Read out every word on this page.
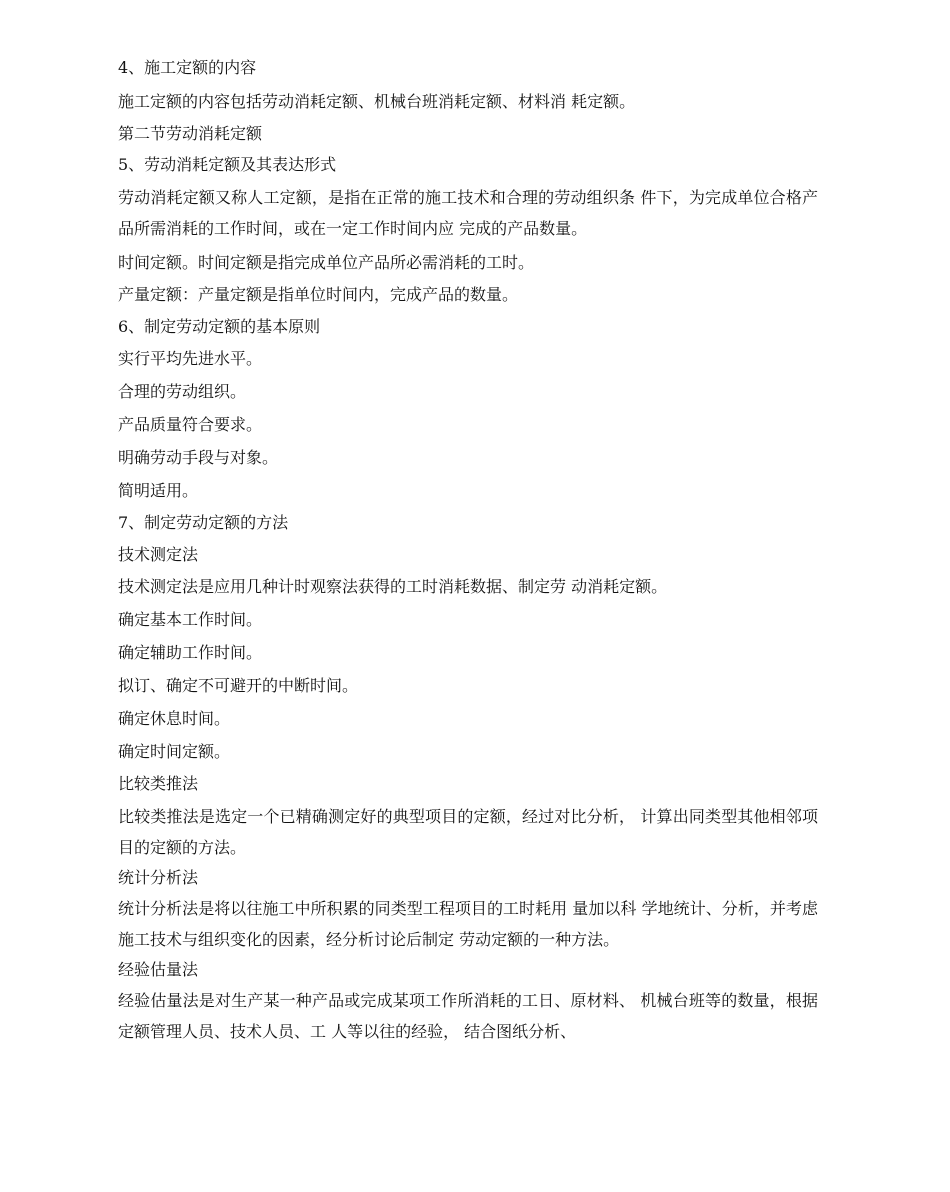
4、施工定额的内容

施工定额的内容包括劳动消耗定额、机械台班消耗定额、材料消 耗定额。

第二节劳动消耗定额

5、劳动消耗定额及其表达形式

劳动消耗定额又称人工定额，是指在正常的施工技术和合理的劳动组织条 件下，为完成单位合格产品所需消耗的工作时间，或在一定工作时间内应 完成的产品数量。

时间定额。时间定额是指完成单位产品所必需消耗的工时。

产量定额：产量定额是指单位时间内，完成产品的数量。

6、制定劳动定额的基本原则

实行平均先进水平。

合理的劳动组织。

产品质量符合要求。

明确劳动手段与对象。

简明适用。

7、制定劳动定额的方法

技术测定法

技术测定法是应用几种计时观察法获得的工时消耗数据、制定劳 动消耗定额。

确定基本工作时间。

确定辅助工作时间。

拟订、确定不可避开的中断时间。

确定休息时间。

确定时间定额。

比较类推法

比较类推法是选定一个已精确测定好的典型项目的定额，经过对比分析， 计算出同类型其他相邻项目的定额的方法。

统计分析法

统计分析法是将以往施工中所积累的同类型工程项目的工时耗用 量加以科 学地统计、分析，并考虑施工技术与组织变化的因素，经分析讨论后制定 劳动定额的一种方法。

经验估量法

经验估量法是对生产某一种产品或完成某项工作所消耗的工日、原材料、 机械台班等的数量，根据定额管理人员、技术人员、工 人等以往的经验， 结合图纸分析、
